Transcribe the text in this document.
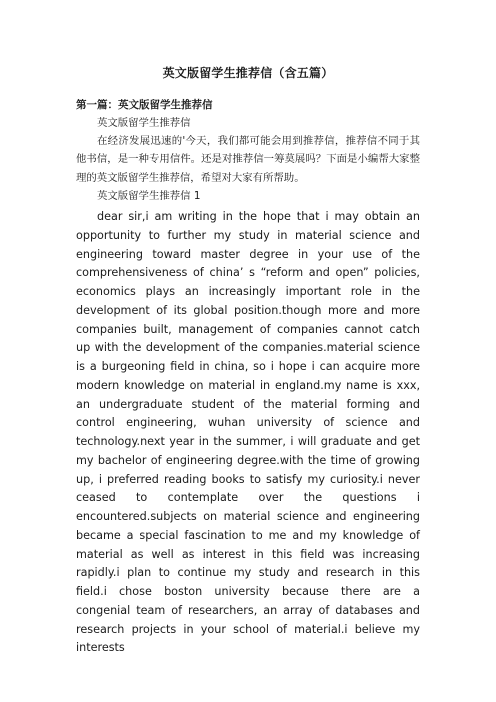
英文版留学生推荐信（含五篇）
第一篇：英文版留学生推荐信

英文版留学生推荐信

在经济发展迅速的'今天，我们都可能会用到推荐信，推荐信不同于其他书信，是一种专用信件。还是对推荐信一筹莫展吗？下面是小编帮大家整理的英文版留学生推荐信，希望对大家有所帮助。

英文版留学生推荐信 1

dear sir,i am writing in the hope that i may obtain an opportunity to further my study in material science and engineering toward master degree in your use of the comprehensiveness of china’ s “reform and open” policies, economics plays an increasingly important role in the development of its global position.though more and more companies built, management of companies cannot catch up with the development of the companies.material science is a burgeoning field in china, so i hope i can acquire more modern knowledge on material in england.my name is xxx, an undergraduate student of the material forming and control engineering, wuhan university of science and technology.next year in the summer, i will graduate and get my bachelor of engineering degree.with the time of growing up, i preferred reading books to satisfy my curiosity.i never ceased to contemplate over the questions i encountered.subjects on material science and engineering became a special fascination to me and my knowledge of material as well as interest in this field was increasing rapidly.i plan to continue my study and research in this field.i chose boston university because there are a congenial team of researchers, an array of databases and research projects in your school of material.i believe my interests
